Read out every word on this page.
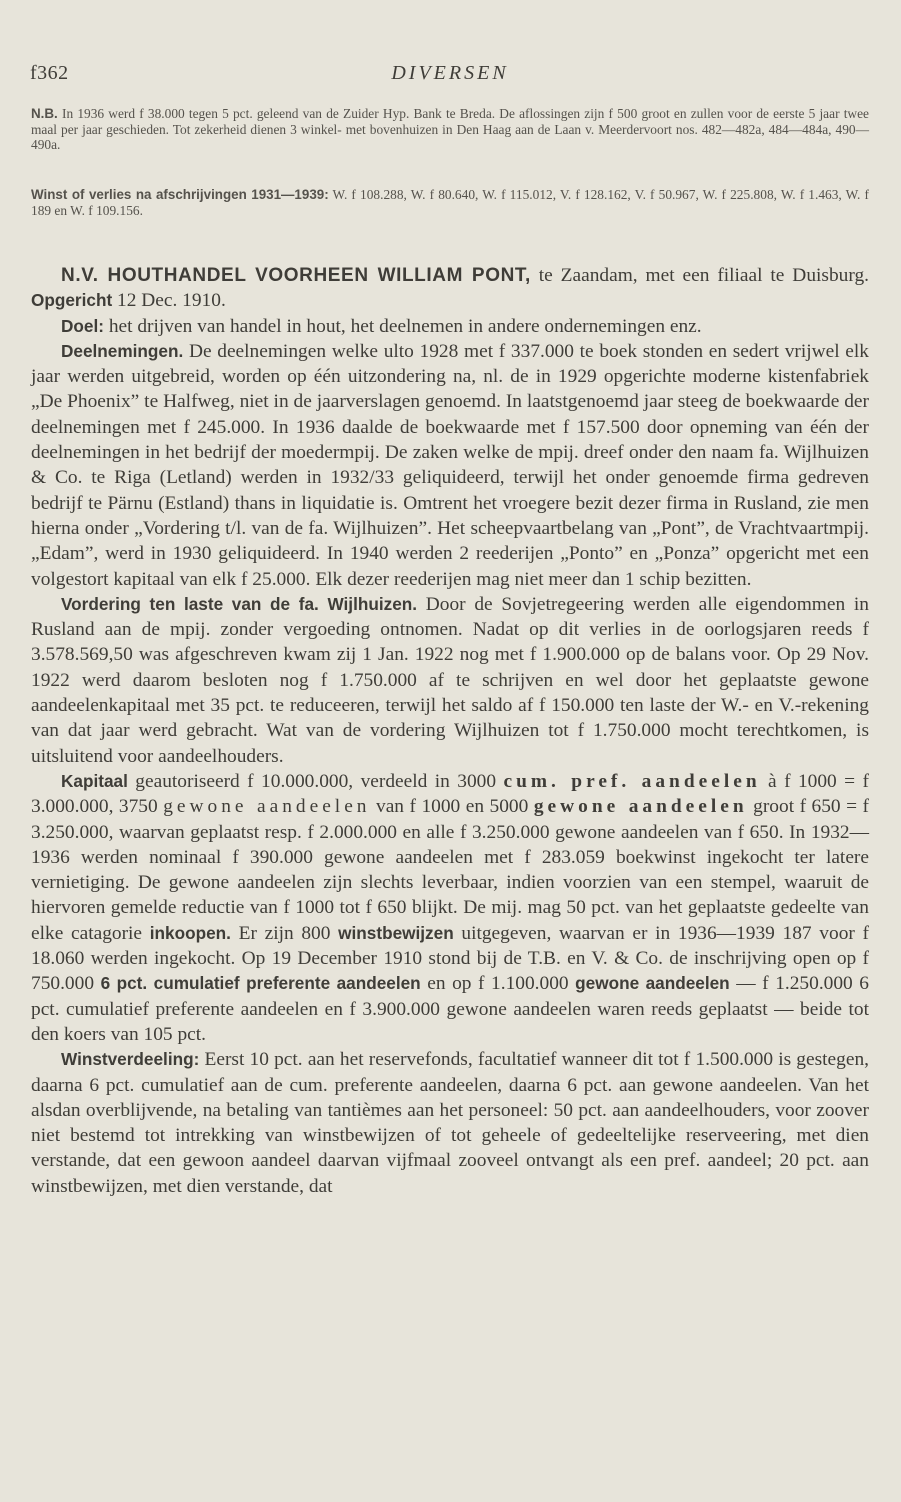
f362	DIVERSEN
N.B. In 1936 werd f 38.000 tegen 5 pct. geleend van de Zuider Hyp. Bank te Breda. De aflossingen zijn f 500 groot en zullen voor de eerste 5 jaar twee maal per jaar geschieden. Tot zekerheid dienen 3 winkel- met bovenhuizen in Den Haag aan de Laan v. Meerdervoort nos. 482—482a, 484—484a, 490—490a.
Winst of verlies na afschrijvingen 1931—1939: W. f 108.288, W. f 80.640, W. f 115.012, V. f 128.162, V. f 50.967, W. f 225.808, W. f 1.463, W. f 189 en W. f 109.156.

N.V. HOUTHANDEL VOORHEEN WILLIAM PONT, te Zaandam, met een filiaal te Duisburg. Opgericht 12 Dec. 1910.

Doel: het drijven van handel in hout, het deelnemen in andere ondernemingen enz.

Deelnemingen. De deelnemingen welke ulto 1928 met f 337.000 te boek stonden en sedert vrijwel elk jaar werden uitgebreid, worden op één uitzondering na, nl. de in 1929 opgerichte moderne kistenfabriek „De Phoenix” te Halfweg, niet in de jaarverslagen genoemd. In laatstgenoemd jaar steeg de boekwaarde der deelnemingen met f 245.000. In 1936 daalde de boekwaarde met f 157.500 door opneming van één der deelnemingen in het bedrijf der moedermpij. De zaken welke de mpij. dreef onder den naam fa. Wijlhuizen & Co. te Riga (Letland) werden in 1932/33 geliquideerd, terwijl het onder genoemde firma gedreven bedrijf te Pärnu (Estland) thans in liquidatie is. Omtrent het vroegere bezit dezer firma in Rusland, zie men hierna onder „Vordering t/l. van de fa. Wijlhuizen”. Het scheepvaartbelang van „Pont”, de Vrachtvaartmpij. „Edam”, werd in 1930 geliquideerd. In 1940 werden 2 reederijen „Ponto” en „Ponza” opgericht met een volgestort kapitaal van elk f 25.000. Elk dezer reederijen mag niet meer dan 1 schip bezitten.

Vordering ten laste van de fa. Wijlhuizen. Door de Sovjetregeering werden alle eigendommen in Rusland aan de mpij. zonder vergoeding ontnomen. Nadat op dit verlies in de oorlogsjaren reeds f 3.578.569,50 was afgeschreven kwam zij 1 Jan. 1922 nog met f 1.900.000 op de balans voor. Op 29 Nov. 1922 werd daarom besloten nog f 1.750.000 af te schrijven en wel door het geplaatste gewone aandeelenkapitaal met 35 pct. te reduceeren, terwijl het saldo af f 150.000 ten laste der W.- en V.-rekening van dat jaar werd gebracht. Wat van de vordering Wijlhuizen tot f 1.750.000 mocht terechtkomen, is uitsluitend voor aandeelhouders.

Kapitaal geautoriseerd f 10.000.000, verdeeld in 3000 cum. pref. aandeelen à f 1000 = f 3.000.000, 3750 gewone aandeelen van f 1000 en 5000 gewone aandeelen groot f 650 = f 3.250.000, waarvan geplaatst resp. f 2.000.000 en alle f 3.250.000 gewone aandeelen van f 650. In 1932—1936 werden nominaal f 390.000 gewone aandeelen met f 283.059 boekwinst ingekocht ter latere vernietiging. De gewone aandeelen zijn slechts leverbaar, indien voorzien van een stempel, waaruit de hiervoren gemelde reductie van f 1000 tot f 650 blijkt. De mij. mag 50 pct. van het geplaatste gedeelte van elke catagorie inkoopen. Er zijn 800 winstbewijzen uitgegeven, waarvan er in 1936—1939 187 voor f 18.060 werden ingekocht. Op 19 December 1910 stond bij de T.B. en V. & Co. de inschrijving open op f 750.000 6 pct. cumulatief preferente aandeelen en op f 1.100.000 gewone aandeelen — f 1.250.000 6 pct. cumulatief preferente aandeelen en f 3.900.000 gewone aandeelen waren reeds geplaatst — beide tot den koers van 105 pct.

Winstverdeeling: Eerst 10 pct. aan het reservefonds, facultatief wanneer dit tot f 1.500.000 is gestegen, daarna 6 pct. cumulatief aan de cum. preferente aandeelen, daarna 6 pct. aan gewone aandeelen. Van het alsdan overblijvende, na betaling van tantièmes aan het personeel: 50 pct. aan aandeelhouders, voor zoover niet bestemd tot intrekking van winstbewijzen of tot geheele of gedeeltelijke reserveering, met dien verstande, dat een gewoon aandeel daarvan vijfmaal zooveel ontvangt als een pref. aandeel; 20 pct. aan winstbewijzen, met dien verstande, dat
